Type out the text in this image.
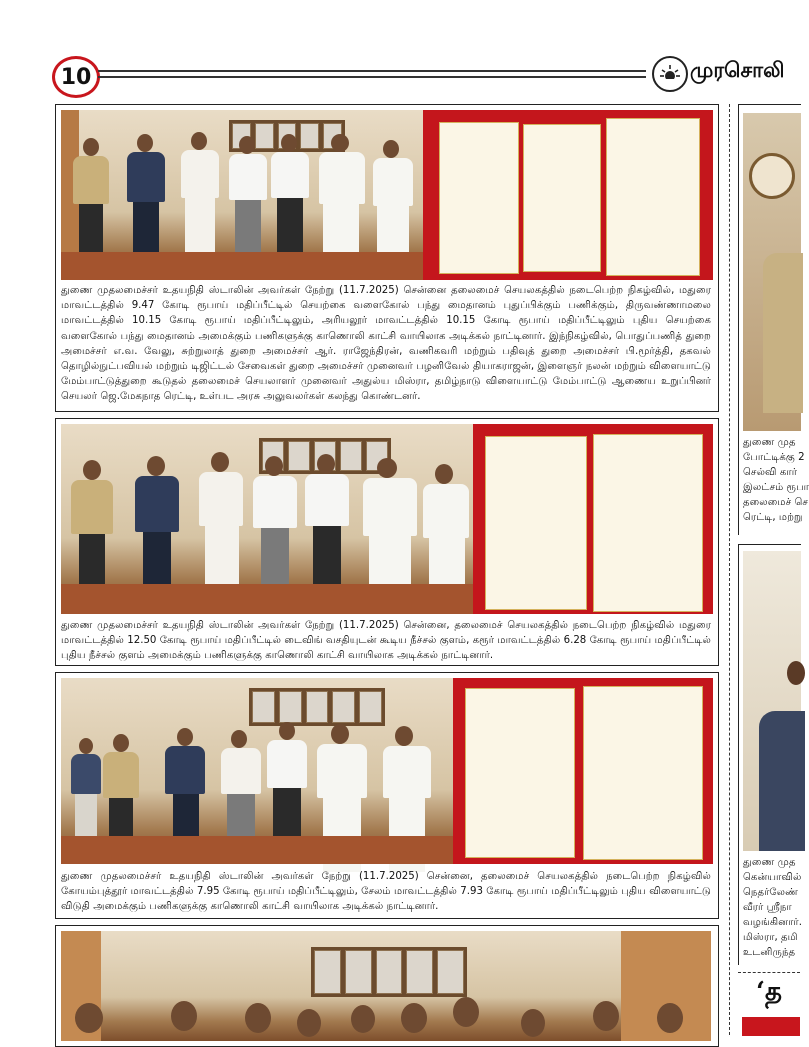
10	முரசொலி
துணை முதலமைச்சர் உதயநிதி ஸ்டாலின் அவர்கள் நேற்று (11.7.2025) சென்னை தலைமைச் செயலகத்தில் நடைபெற்ற நிகழ்வில், மதுரை மாவட்டத்தில் 9.47 கோடி ரூபாய் மதிப்பீட்டில் செயற்கை வளைகோல் பந்து மைதானம் புதுப்பிக்கும் பணிக்கும், திருவண்ணாமலை மாவட்டத்தில் 10.15 கோடி ரூபாய் மதிப்பீட்டிலும், அரியலூர் மாவட்டத்தில் 10.15 கோடி ரூபாய் மதிப்பீட்டிலும் புதிய செயற்கை வளைகோல் பந்து மைதானம் அமைக்கும் பணிகளுக்கு காணொலி காட்சி வாயிலாக அடிக்கல் நாட்டினார். இந்நிகழ்வில், பொதுப்பணித் துறை அமைச்சர் எ.வ. வேலு, சுற்றுலாத் துறை அமைச்சர் ஆர். ராஜேந்திரன், வணிகவரி மற்றும் பதிவுத் துறை அமைச்சர் பி.மூர்த்தி, தகவல் தொழில்நுட்பவியல் மற்றும் டிஜிட்டல் சேவைகள் துறை அமைச்சர் முனைவர் பழனிவேல் தியாகராஜன், இளைஞர் நலன் மற்றும் விளையாட்டு மேம்பாட்டுத்துறை கூடுதல் தலைமைச் செயலாளர் முனைவர் அதுல்ய மிஸ்ரா, தமிழ்நாடு விளையாட்டு மேம்பாட்டு ஆணைய உறுப்பினர் செயலர் ஜெ.மேகநாத ரெட்டி, உள்பட அரசு அலுவலர்கள் கலந்து கொண்டனர்.
துணை முதலமைச்சர் உதயநிதி ஸ்டாலின் அவர்கள் நேற்று (11.7.2025) சென்னை, தலைமைச் செயலகத்தில் நடைபெற்ற நிகழ்வில் மதுரை மாவட்டத்தில் 12.50 கோடி ரூபாய் மதிப்பீட்டில் டைவிங் வசதியுடன் கூடிய நீச்சல் குளம், கரூர் மாவட்டத்தில் 6.28 கோடி ரூபாய் மதிப்பீட்டில் புதிய நீச்சல் குளம் அமைக்கும் பணிகளுக்கு காணொலி காட்சி வாயிலாக அடிக்கல் நாட்டினார்.
துணை முதலமைச்சர் உதயநிதி ஸ்டாலின் அவர்கள் நேற்று (11.7.2025) சென்னை, தலைமைச் செயலகத்தில் நடைபெற்ற நிகழ்வில் கோயம்புத்தூர் மாவட்டத்தில் 7.95 கோடி ரூபாய் மதிப்பீட்டிலும், சேலம் மாவட்டத்தில் 7.93 கோடி ரூபாய் மதிப்பீட்டிலும் புதிய விளையாட்டு விடுதி அமைக்கும் பணிகளுக்கு காணொலி காட்சி வாயிலாக அடிக்கல் நாட்டினார்.
துணை முத
போட்டிக்கு 2
செல்வி கார்
இலட்சம் ரூபா
தலைமைச் செ
ரெட்டி, மற்று
துணை முத
கென்யாவில்
நெதர்லேண்
வீரர் ஸ்ரீநா
வழங்கினார்.
மிஸ்ரா, தமி
உடனிருந்த
‘த
